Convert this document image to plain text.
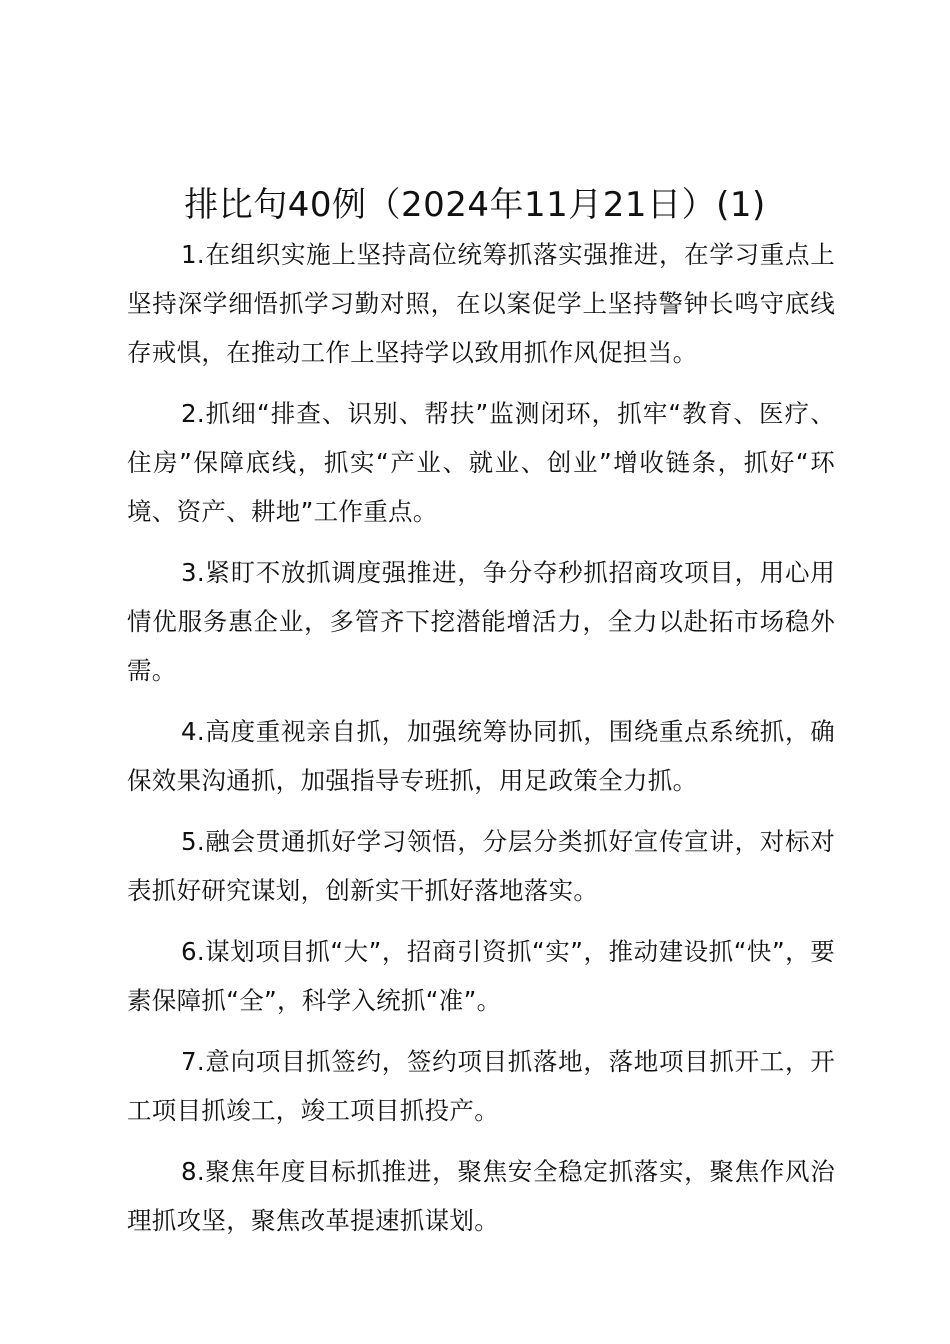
排比句40例（2024年11月21日）(1)

1.在组织实施上坚持高位统筹抓落实强推进，在学习重点上坚持深学细悟抓学习勤对照，在以案促学上坚持警钟长鸣守底线存戒惧，在推动工作上坚持学以致用抓作风促担当。

2.抓细“排查、识别、帮扶”监测闭环，抓牢“教育、医疗、住房”保障底线，抓实“产业、就业、创业”增收链条，抓好“环境、资产、耕地”工作重点。

3.紧盯不放抓调度强推进，争分夺秒抓招商攻项目，用心用情优服务惠企业，多管齐下挖潜能增活力，全力以赴拓市场稳外需。

4.高度重视亲自抓，加强统筹协同抓，围绕重点系统抓，确保效果沟通抓，加强指导专班抓，用足政策全力抓。

5.融会贯通抓好学习领悟，分层分类抓好宣传宣讲，对标对表抓好研究谋划，创新实干抓好落地落实。

6.谋划项目抓“大”，招商引资抓“实”，推动建设抓“快”，要素保障抓“全”，科学入统抓“准”。

7.意向项目抓签约，签约项目抓落地，落地项目抓开工，开工项目抓竣工，竣工项目抓投产。

8.聚焦年度目标抓推进，聚焦安全稳定抓落实，聚焦作风治理抓攻坚，聚焦改革提速抓谋划。
